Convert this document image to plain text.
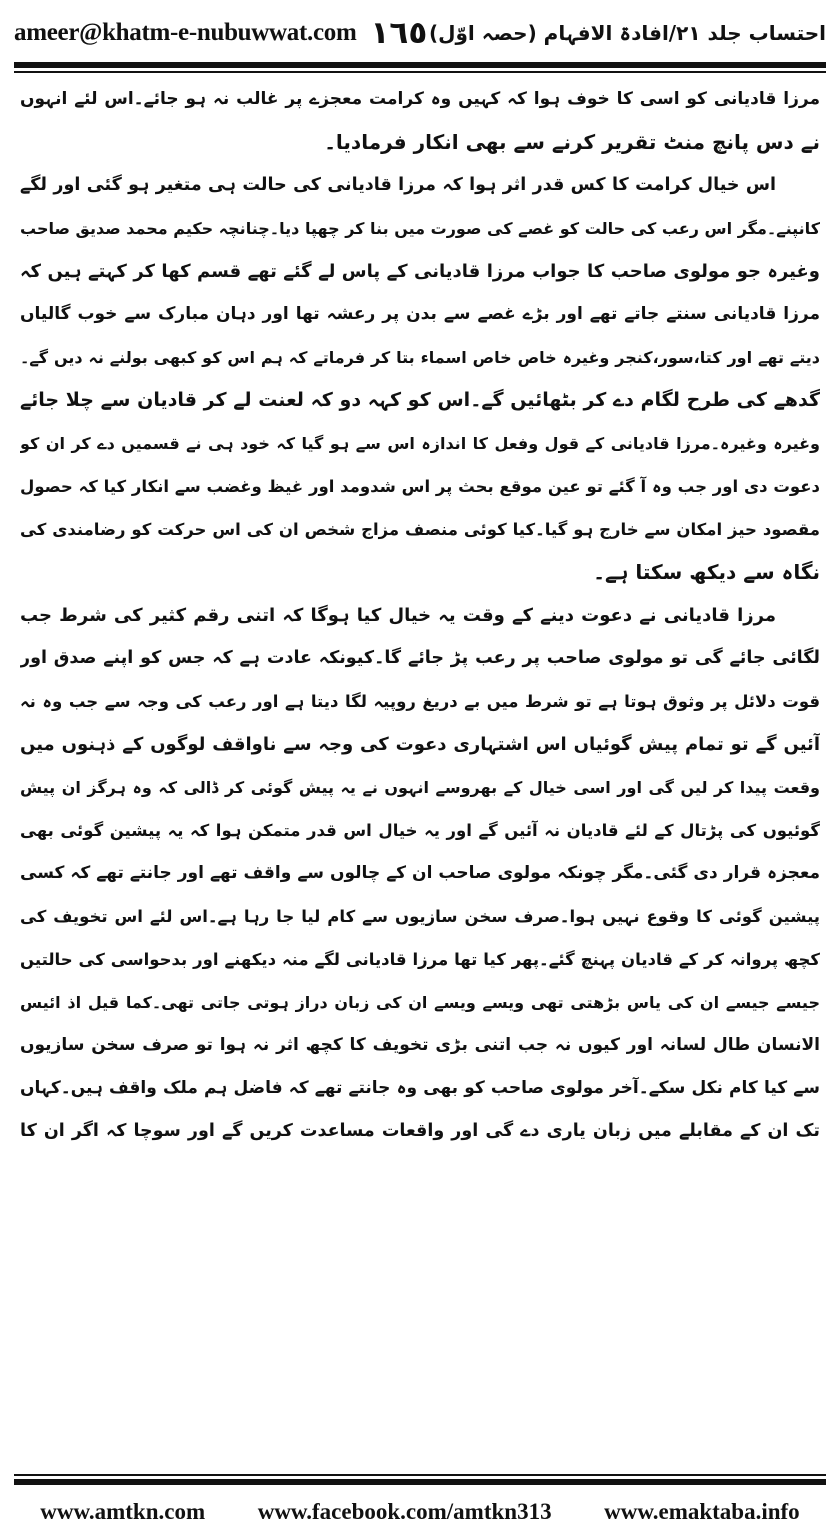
ameer@khatm-e-nubuwwat.com ١٦٥ احتساب جلد ۲۱/افادۃ الافہام (حصہ اوّل)
مرزا قادیانی کو اسی کا خوف ہوا کہ کہیں وہ کرامت معجزے پر غالب نہ ہو جائے۔اس لئے انہوں
نے دس پانچ منٹ تقریر کرنے سے بھی انکار فرمادیا۔
اس خیال کرامت کا کس قدر اثر ہوا کہ مرزا قادیانی کی حالت ہی متغیر ہو گئی اور لگے
کانپنے۔مگر اس رعب کی حالت کو غصے کی صورت میں بنا کر چھپا دیا۔چنانچہ حکیم محمد صدیق صاحب
وغیرہ جو مولوی صاحب کا جواب مرزا قادیانی کے پاس لے گئے تھے قسم کھا کر کہتے ہیں کہ
مرزا قادیانی سنتے جاتے تھے اور بڑے غصے سے بدن پر رعشہ تھا اور دہان مبارک سے خوب گالیاں
دیتے تھے اور کتا،سور،کنجر وغیرہ خاص خاص اسماء بتا کر فرماتے کہ ہم اس کو کبھی بولنے نہ دیں گے۔
گدھے کی طرح لگام دے کر بٹھائیں گے۔اس کو کہہ دو کہ لعنت لے کر قادیان سے چلا جائے
وغیرہ وغیرہ۔مرزا قادیانی کے قول وفعل کا اندازہ اس سے ہو گیا کہ خود ہی نے قسمیں دے کر ان کو
دعوت دی اور جب وہ آ گئے تو عین موقع بحث پر اس شدومد اور غیظ وغضب سے انکار کیا کہ حصول
مقصود حیز امکان سے خارج ہو گیا۔کیا کوئی منصف مزاج شخص ان کی اس حرکت کو رضامندی کی
نگاہ سے دیکھ سکتا ہے۔
مرزا قادیانی نے دعوت دینے کے وقت یہ خیال کیا ہوگا کہ اتنی رقم کثیر کی شرط جب
لگائی جائے گی تو مولوی صاحب پر رعب پڑ جائے گا۔کیونکہ عادت ہے کہ جس کو اپنے صدق اور
قوت دلائل پر وثوق ہوتا ہے تو شرط میں بے دریغ روپیہ لگا دیتا ہے اور رعب کی وجہ سے جب وہ نہ
آئیں گے تو تمام پیش گوئیاں اس اشتہاری دعوت کی وجہ سے ناواقف لوگوں کے ذہنوں میں
وقعت پیدا کر لیں گی اور اسی خیال کے بھروسے انہوں نے یہ پیش گوئی کر ڈالی کہ وہ ہرگز ان پیش
گوئیوں کی پڑتال کے لئے قادیان نہ آئیں گے اور یہ خیال اس قدر متمکن ہوا کہ یہ پیشین گوئی بھی
معجزہ قرار دی گئی۔مگر چونکہ مولوی صاحب ان کے چالوں سے واقف تھے اور جانتے تھے کہ کسی
پیشین گوئی کا وقوع نہیں ہوا۔صرف سخن سازیوں سے کام لیا جا رہا ہے۔اس لئے اس تخویف کی
کچھ پروانہ کر کے قادیان پہنچ گئے۔پھر کیا تھا مرزا قادیانی لگے منہ دیکھنے اور بدحواسی کی حالتیں
جیسے جیسے ان کی یاس بڑھتی تھی ویسے ویسے ان کی زبان دراز ہوتی جاتی تھی۔کما قیل اذ ائیس
الانسان طال لسانہ اور کیوں نہ جب اتنی بڑی تخویف کا کچھ اثر نہ ہوا تو صرف سخن سازیوں
سے کیا کام نکل سکے۔آخر مولوی صاحب کو بھی وہ جانتے تھے کہ فاضل ہم ملک واقف ہیں۔کہاں
تک ان کے مقابلے میں زبان یاری دے گی اور واقعات مساعدت کریں گے اور سوچا کہ اگر ان کا
www.amtkn.com www.facebook.com/amtkn313 www.emaktaba.info
